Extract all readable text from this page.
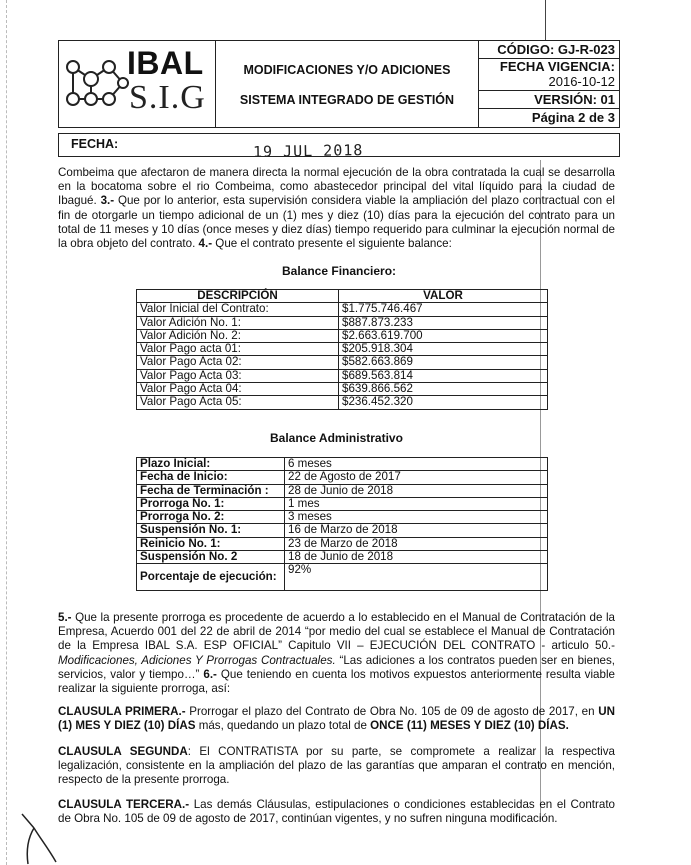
IBAL
S.I.G
MODIFICACIONES Y/O ADICIONES
SISTEMA INTEGRADO DE GESTIÓN
CÓDIGO: GJ-R-023
FECHA VIGENCIA:
2016-10-12
VERSIÓN: 01
Página 2 de 3
FECHA:	19 JUL 2018

Combeima que afectaron de manera directa la normal ejecución de la obra contratada la cual se desarrolla en la bocatoma sobre el rio Combeima, como abastecedor principal del vital líquido para la ciudad de Ibagué. 3.- Que por lo anterior, esta supervisión considera viable la ampliación del plazo contractual con el fin de otorgarle un tiempo adicional de un (1) mes y diez (10) días para la ejecución del contrato para un total de 11 meses y 10 días (once meses y diez días) tiempo requerido para culminar la ejecución normal de la obra objeto del contrato. 4.- Que el contrato presente el siguiente balance:

Balance Financiero:
DESCRIPCIÓN	VALOR
Valor Inicial del Contrato:	$1.775.746.467
Valor Adición No. 1:	$887.873.233
Valor Adición No. 2:	$2.663.619.700
Valor Pago acta 01:	$205.918.304
Valor Pago Acta 02:	$582.663.869
Valor Pago Acta 03:	$689.563.814
Valor Pago Acta 04:	$639.866.562
Valor Pago Acta 05:	$236.452.320
Balance Administrativo
Plazo Inicial:	6 meses
Fecha de Inicio:	22 de Agosto de 2017
Fecha de Terminación :	28 de Junio de 2018
Prorroga No. 1:	1 mes
Prorroga No. 2:	3 meses
Suspensión No. 1:	16 de Marzo de 2018
Reinicio No. 1:	23 de Marzo de 2018
Suspensión No. 2	18 de Junio de 2018
Porcentaje de ejecución:	92%

5.- Que la presente prorroga es procedente de acuerdo a lo establecido en el Manual de Contratación de la Empresa, Acuerdo 001 del 22 de abril de 2014 “por medio del cual se establece el Manual de Contratación de la Empresa IBAL S.A. ESP OFICIAL” Capitulo VII – EJECUCIÓN DEL CONTRATO - articulo 50.- Modificaciones, Adiciones Y Prorrogas Contractuales. “Las adiciones a los contratos pueden ser en bienes, servicios, valor y tiempo…” 6.- Que teniendo en cuenta los motivos expuestos anteriormente resulta viable realizar la siguiente prorroga, así:

CLAUSULA PRIMERA.- Prorrogar el plazo del Contrato de Obra No. 105 de 09 de agosto de 2017, en UN (1) MES Y DIEZ (10) DÍAS más, quedando un plazo total de ONCE (11) MESES Y DIEZ (10) DÍAS.

CLAUSULA SEGUNDA: El CONTRATISTA por su parte, se compromete a realizar la respectiva legalización, consistente en la ampliación del plazo de las garantías que amparan el contrato en mención, respecto de la presente prorroga.

CLAUSULA TERCERA.- Las demás Cláusulas, estipulaciones o condiciones establecidas en el Contrato de Obra No. 105 de 09 de agosto de 2017, continúan vigentes, y no sufren ninguna modificación.
